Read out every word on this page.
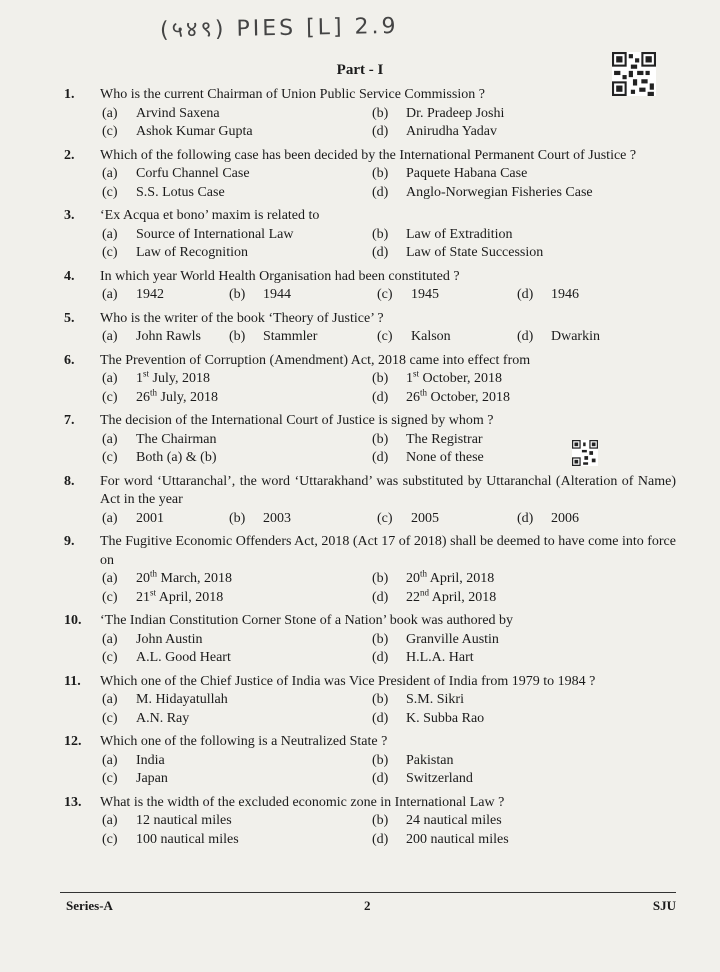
(५४९) PIES [L] 2.9
Part - I
1.	Who is the current Chairman of Union Public Service Commission ?
(a)	Arvind Saxena	(b)	Dr. Pradeep Joshi
(c)	Ashok Kumar Gupta	(d)	Anirudha Yadav
2.	Which of the following case has been decided by the International Permanent Court of Justice ?
(a)	Corfu Channel Case	(b)	Paquete Habana Case
(c)	S.S. Lotus Case	(d)	Anglo-Norwegian Fisheries Case
3.	‘Ex Acqua et bono’ maxim is related to
(a)	Source of International Law	(b)	Law of Extradition
(c)	Law of Recognition	(d)	Law of State Succession
4.	In which year World Health Organisation had been constituted ?
(a)	1942	(b)	1944	(c)	1945	(d)	1946
5.	Who is the writer of the book ‘Theory of Justice’ ?
(a)	John Rawls (b)	Stammler	(c)	Kalson	(d)	Dwarkin
6.	The Prevention of Corruption (Amendment) Act, 2018 came into effect from
(a)	1st July, 2018	(b)	1st October, 2018
(c)	26th July, 2018	(d)	26th October, 2018
7.	The decision of the International Court of Justice is signed by whom ?
(a)	The Chairman	(b)	The Registrar
(c)	Both (a) & (b)	(d)	None of these
8.	For word ‘Uttaranchal’, the word ‘Uttarakhand’ was substituted by Uttaranchal (Alteration of Name) Act in the year
(a)	2001	(b)	2003	(c)	2005	(d)	2006
9.	The Fugitive Economic Offenders Act, 2018 (Act 17 of 2018) shall be deemed to have come into force on
(a)	20th March, 2018	(b)	20th April, 2018
(c)	21st April, 2018	(d)	22nd April, 2018
10.	‘The Indian Constitution Corner Stone of a Nation’ book was authored by
(a)	John Austin	(b)	Granville Austin
(c)	A.L. Good Heart	(d)	H.L.A. Hart
11.	Which one of the Chief Justice of India was Vice President of India from 1979 to 1984 ?
(a)	M. Hidayatullah	(b)	S.M. Sikri
(c)	A.N. Ray	(d)	K. Subba Rao
12.	Which one of the following is a Neutralized State ?
(a)	India	(b)	Pakistan
(c)	Japan	(d)	Switzerland
13.	What is the width of the excluded economic zone in International Law ?
(a)	12 nautical miles	(b)	24 nautical miles
(c)	100 nautical miles	(d)	200 nautical miles
Series-A	2	SJU
